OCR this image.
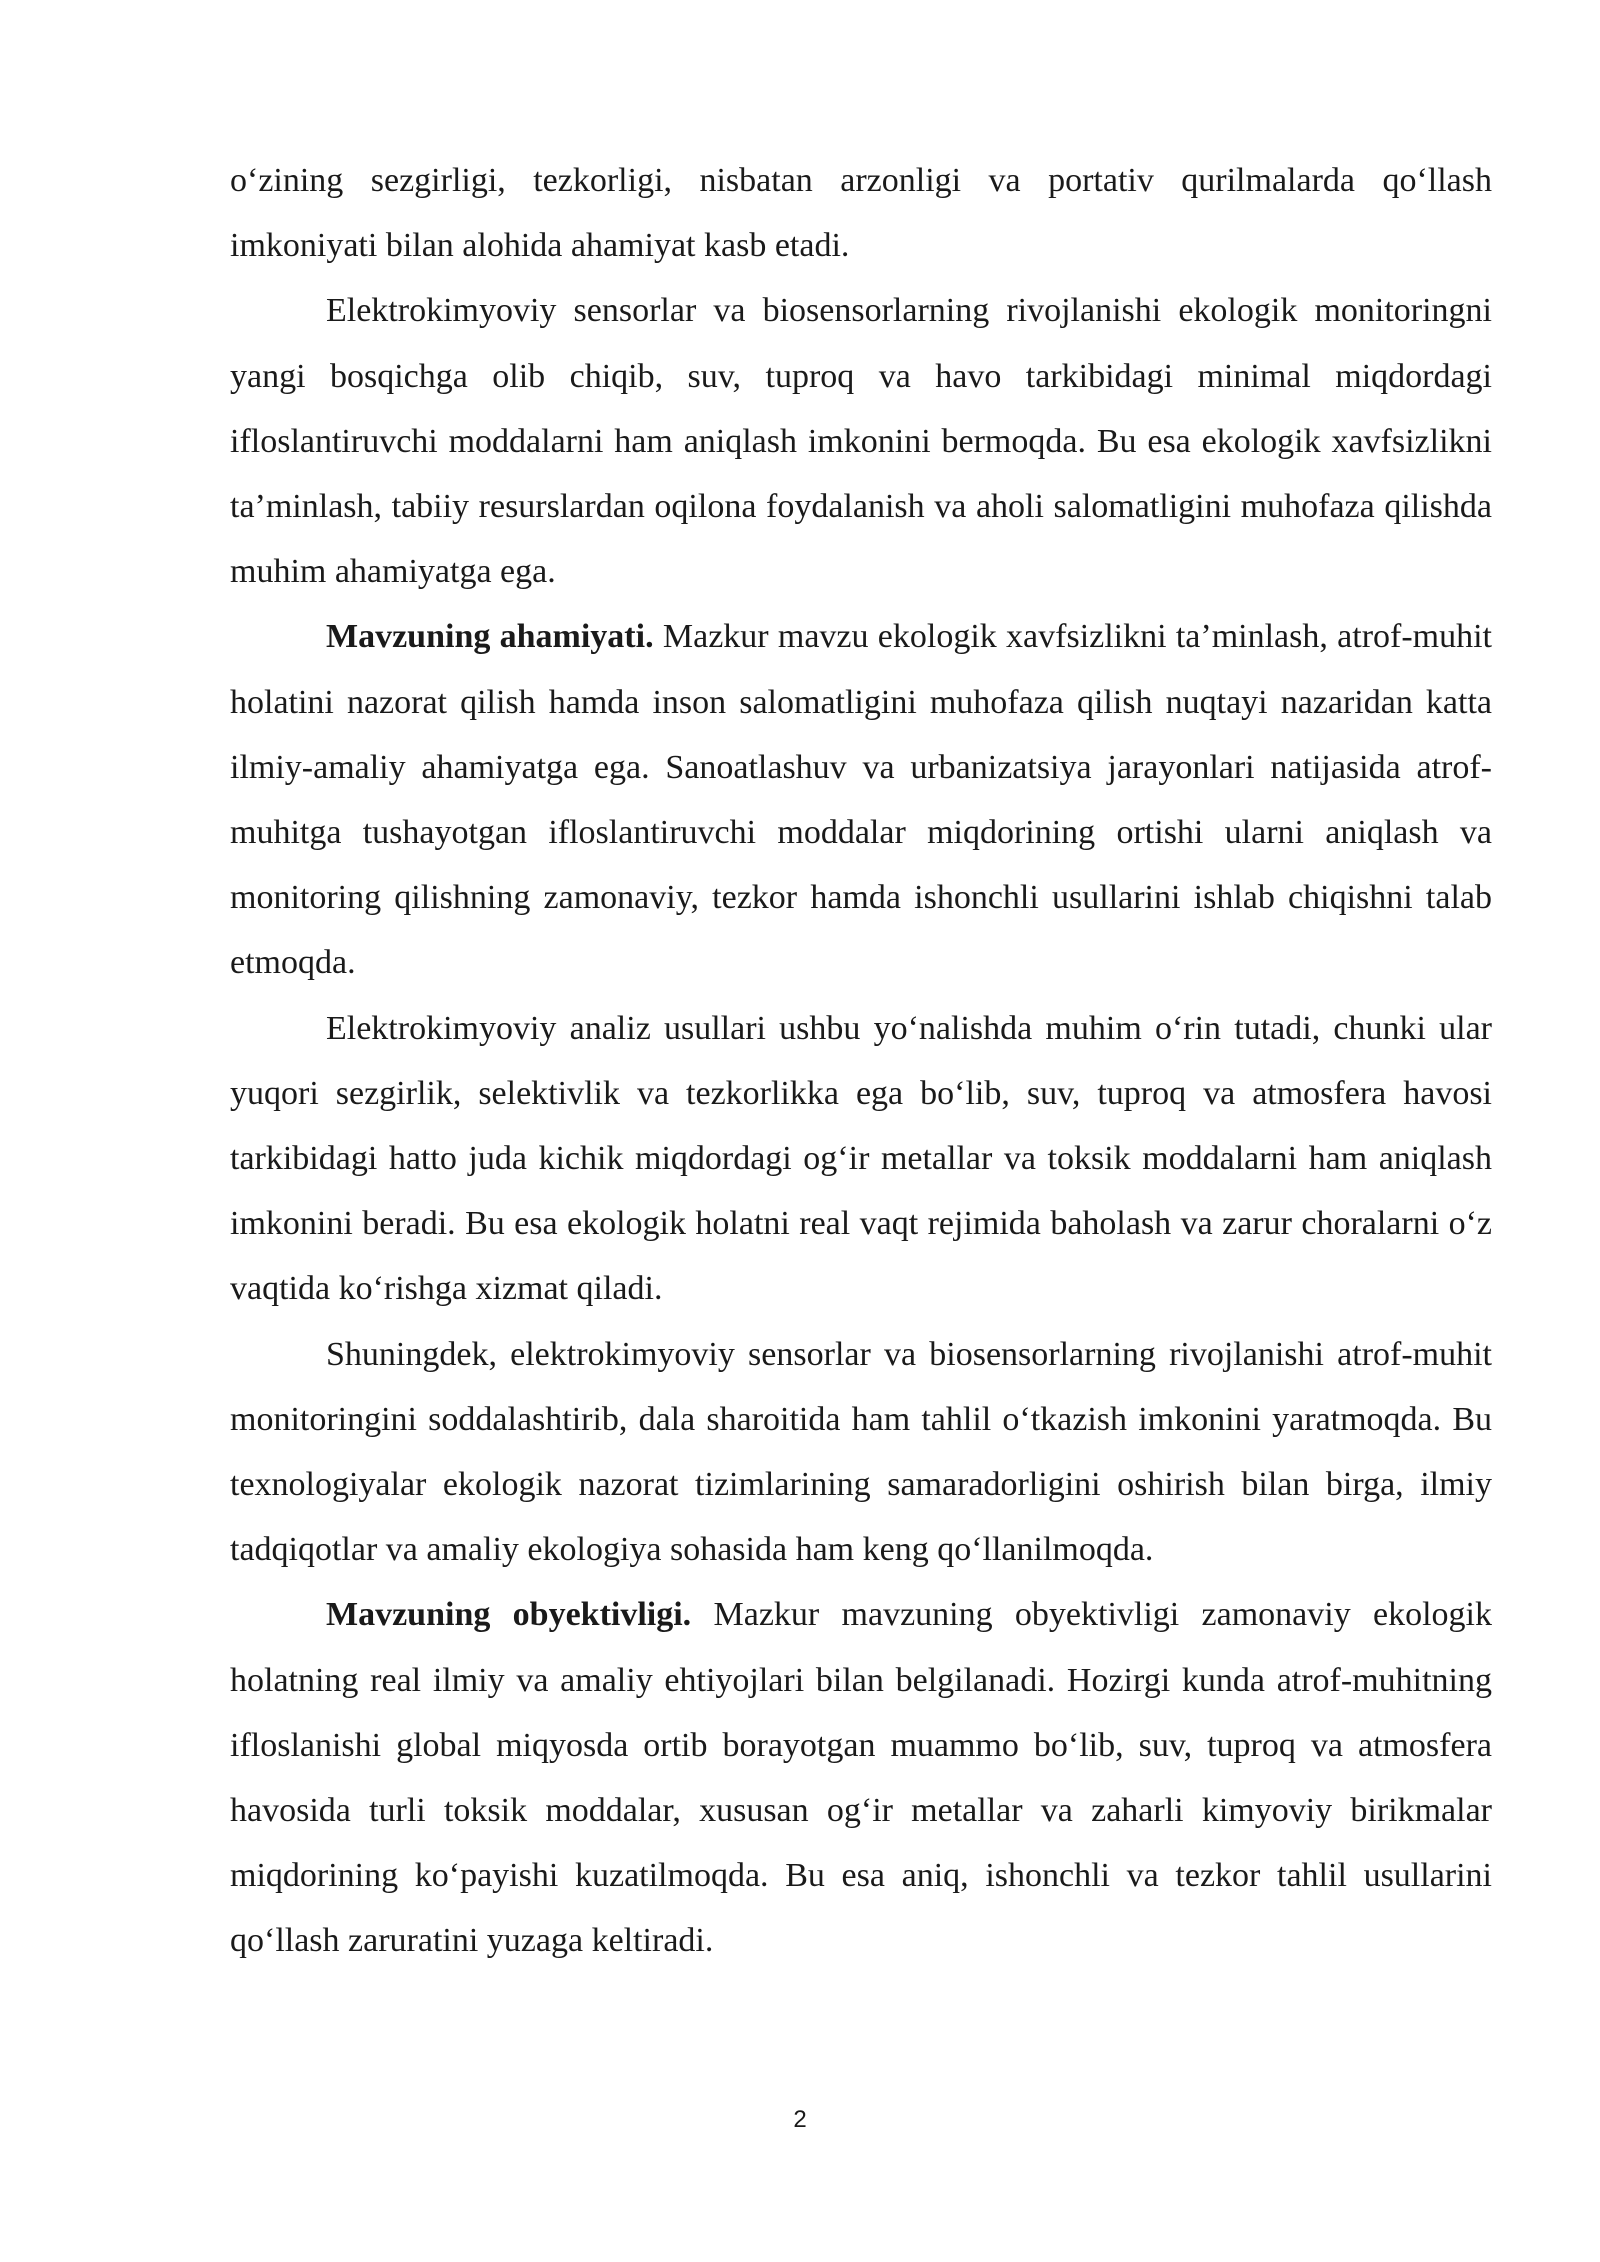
o‘zining sezgirligi, tezkorligi, nisbatan arzonligi va portativ qurilmalarda qo‘llash imkoniyati bilan alohida ahamiyat kasb etadi.

Elektrokimyoviy sensorlar va biosensorlarning rivojlanishi ekologik monitoringni yangi bosqichga olib chiqib, suv, tuproq va havo tarkibidagi minimal miqdordagi ifloslantiruvchi moddalarni ham aniqlash imkonini bermoqda. Bu esa ekologik xavfsizlikni ta’minlash, tabiiy resurslardan oqilona foydalanish va aholi salomatligini muhofaza qilishda muhim ahamiyatga ega.

Mavzuning ahamiyati. Mazkur mavzu ekologik xavfsizlikni ta’minlash, atrof-muhit holatini nazorat qilish hamda inson salomatligini muhofaza qilish nuqtayi nazaridan katta ilmiy-amaliy ahamiyatga ega. Sanoatlashuv va urbanizatsiya jarayonlari natijasida atrof-muhitga tushayotgan ifloslantiruvchi moddalar miqdorining ortishi ularni aniqlash va monitoring qilishning zamonaviy, tezkor hamda ishonchli usullarini ishlab chiqishni talab etmoqda.

Elektrokimyoviy analiz usullari ushbu yo‘nalishda muhim o‘rin tutadi, chunki ular yuqori sezgirlik, selektivlik va tezkorlikka ega bo‘lib, suv, tuproq va atmosfera havosi tarkibidagi hatto juda kichik miqdordagi og‘ir metallar va toksik moddalarni ham aniqlash imkonini beradi. Bu esa ekologik holatni real vaqt rejimida baholash va zarur choralarni o‘z vaqtida ko‘rishga xizmat qiladi.

Shuningdek, elektrokimyoviy sensorlar va biosensorlarning rivojlanishi atrof-muhit monitoringini soddalashtirib, dala sharoitida ham tahlil o‘tkazish imkonini yaratmoqda. Bu texnologiyalar ekologik nazorat tizimlarining samaradorligini oshirish bilan birga, ilmiy tadqiqotlar va amaliy ekologiya sohasida ham keng qo‘llanilmoqda.

Mavzuning obyektivligi. Mazkur mavzuning obyektivligi zamonaviy ekologik holatning real ilmiy va amaliy ehtiyojlari bilan belgilanadi. Hozirgi kunda atrof-muhitning ifloslanishi global miqyosda ortib borayotgan muammo bo‘lib, suv, tuproq va atmosfera havosida turli toksik moddalar, xususan og‘ir metallar va zaharli kimyoviy birikmalar miqdorining ko‘payishi kuzatilmoqda. Bu esa aniq, ishonchli va tezkor tahlil usullarini qo‘llash zaruratini yuzaga keltiradi.

2
